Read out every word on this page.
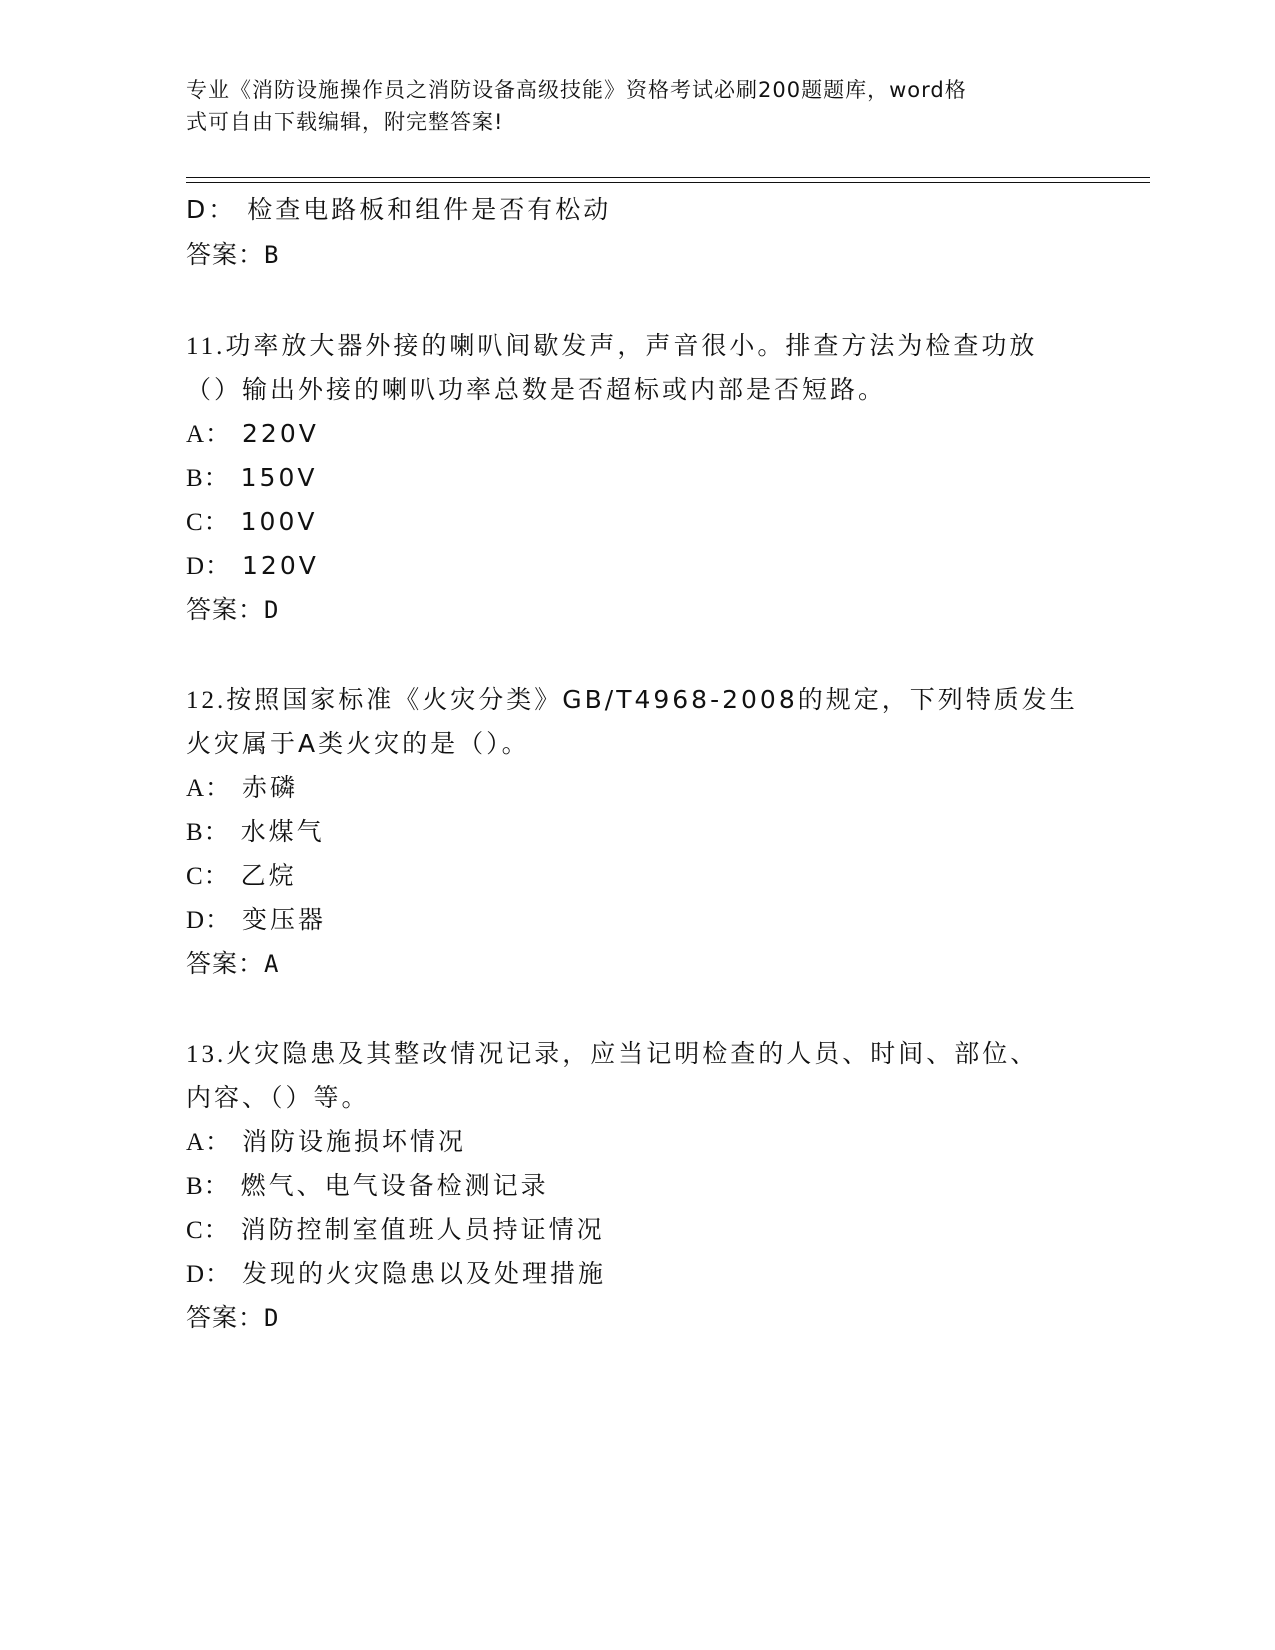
专业《消防设施操作员之消防设备高级技能》资格考试必刷200题题库，word格
式可自由下载编辑，附完整答案!
D： 检查电路板和组件是否有松动
答案：B
11.功率放大器外接的喇叭间歇发声，声音很小。排查方法为检查功放
（）输出外接的喇叭功率总数是否超标或内部是否短路。
A： 220V
B： 150V
C： 100V
D： 120V
答案：D
12.按照国家标准《火灾分类》GB/T4968-2008的规定，下列特质发生
火灾属于A类火灾的是（）。
A： 赤磷
B： 水煤气
C： 乙烷
D： 变压器
答案：A
13.火灾隐患及其整改情况记录，应当记明检查的人员、时间、部位、
内容、（）等。
A： 消防设施损坏情况
B： 燃气、电气设备检测记录
C： 消防控制室值班人员持证情况
D： 发现的火灾隐患以及处理措施
答案：D
